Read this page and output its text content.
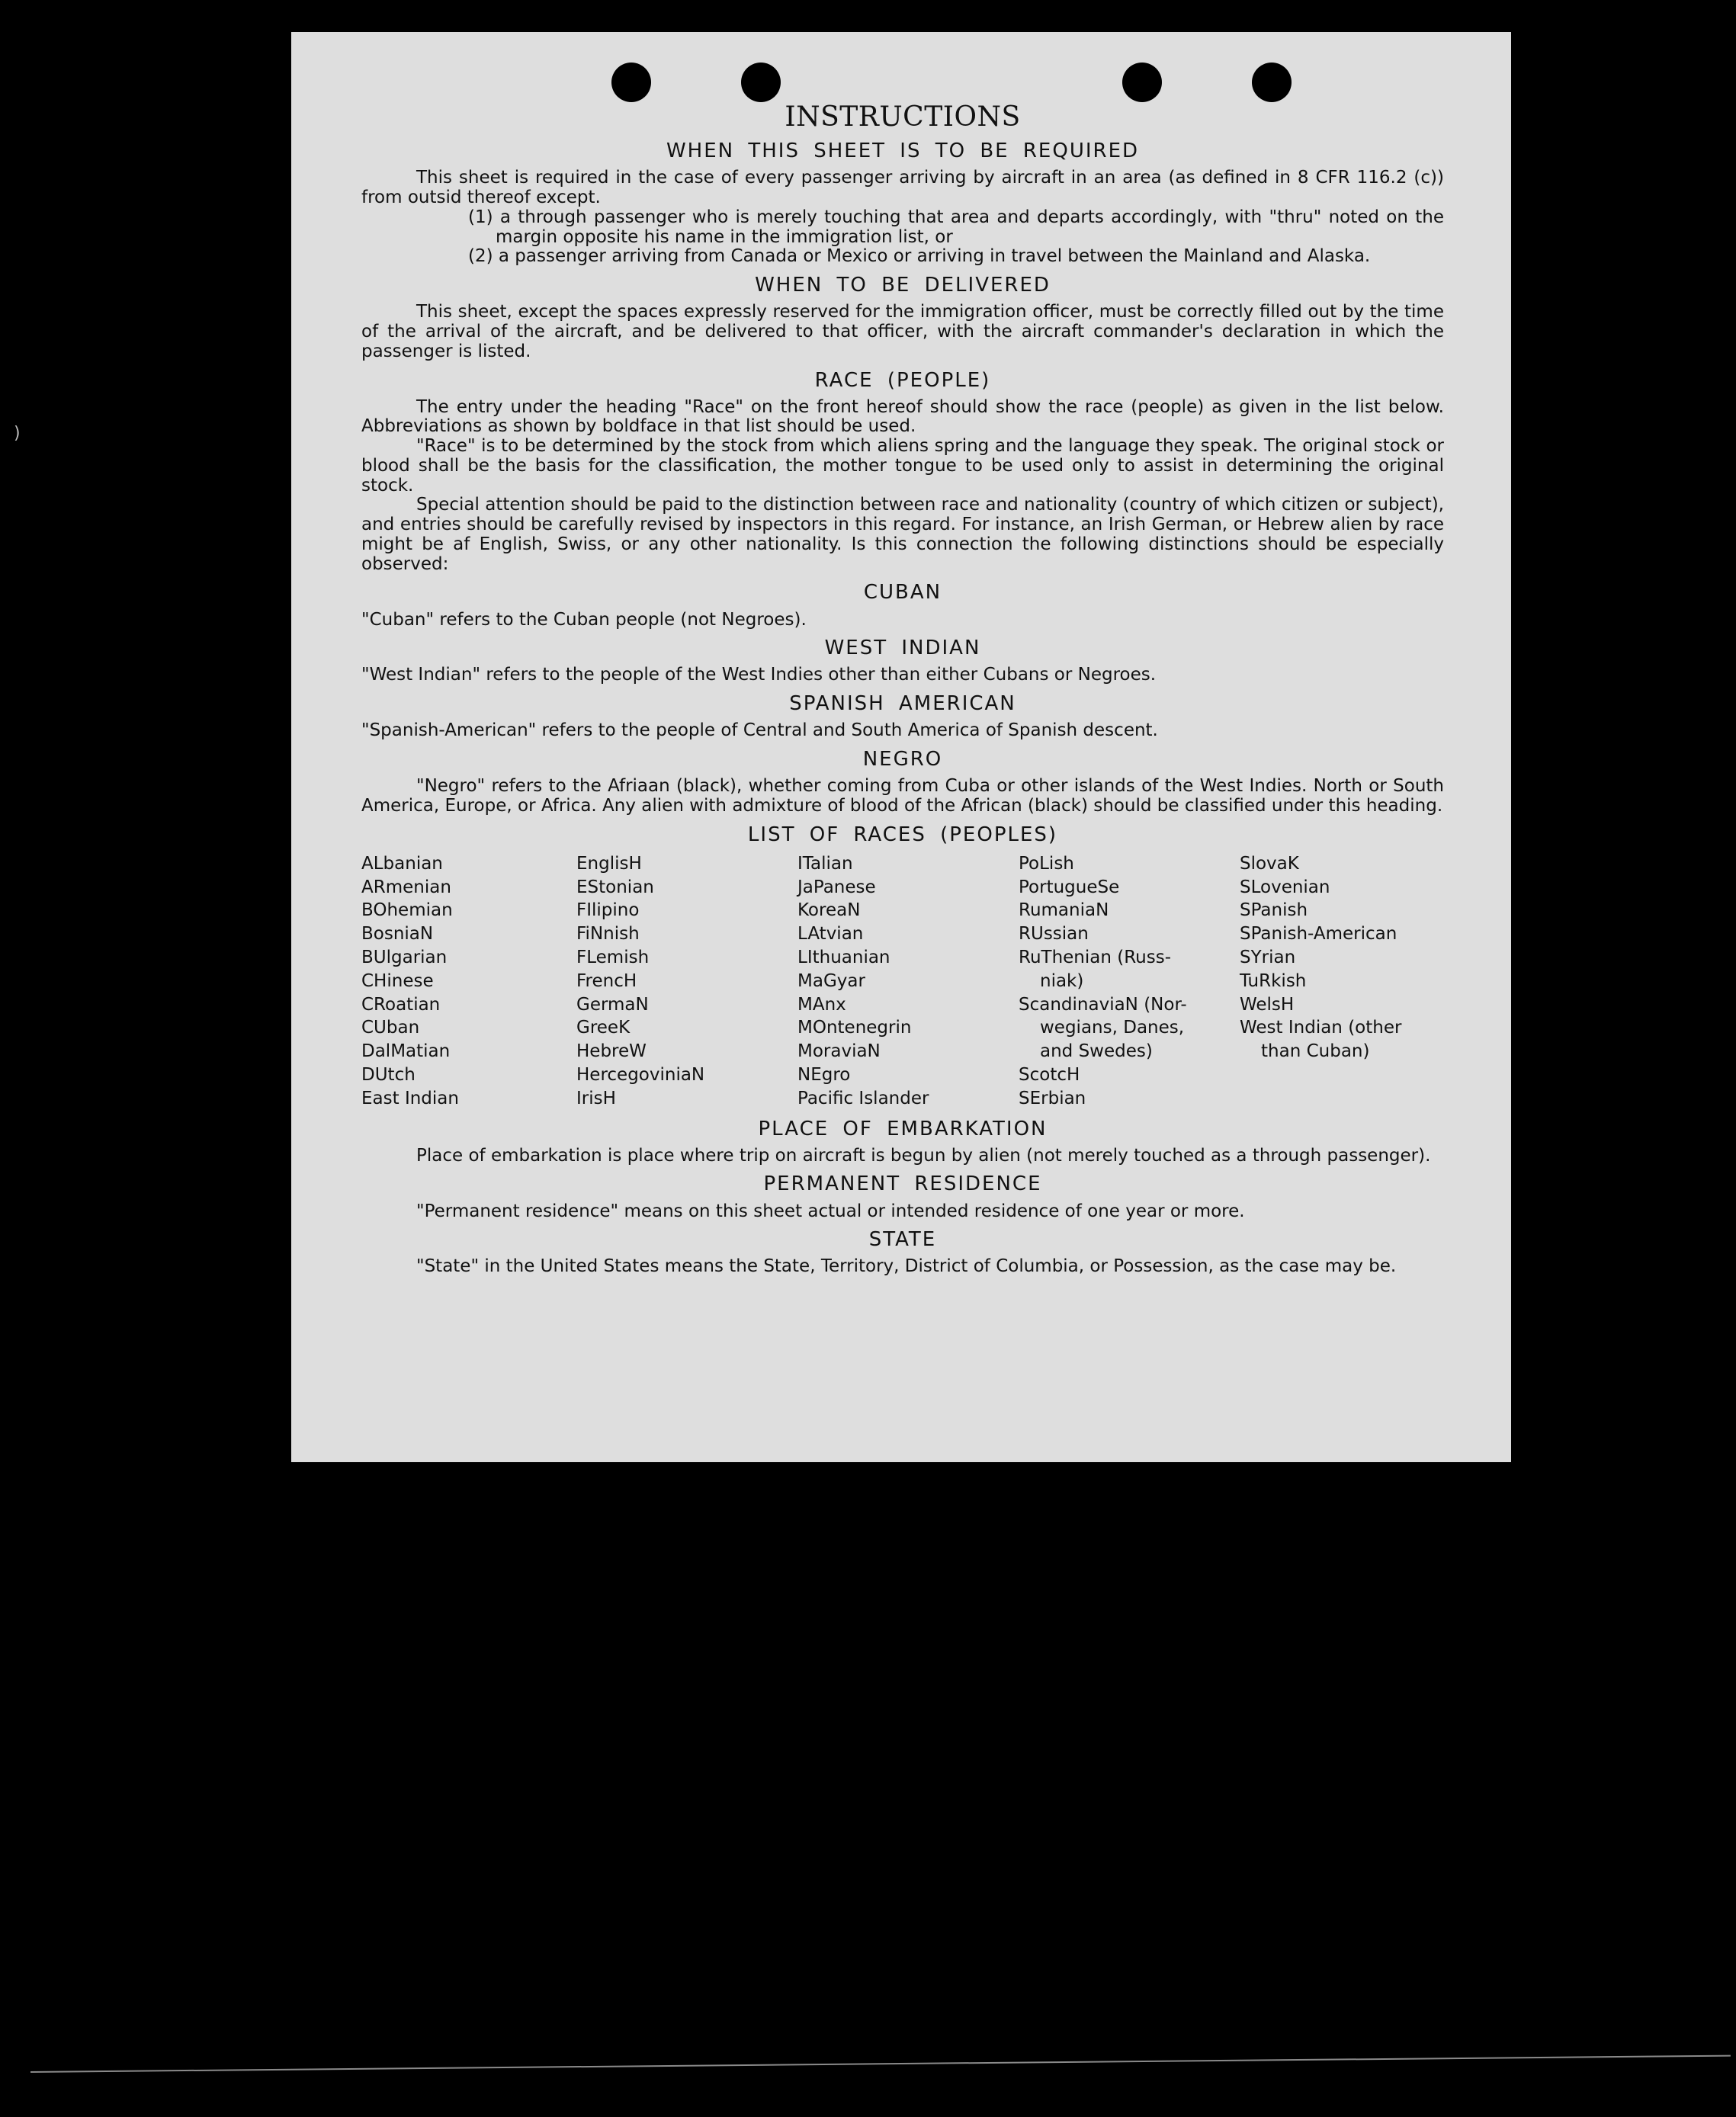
INSTRUCTIONS
WHEN THIS SHEET IS TO BE REQUIRED

This sheet is required in the case of every passenger arriving by aircraft in an area (as defined in 8 CFR 116.2 (c)) from outsid thereof except.

(1) a through passenger who is merely touching that area and departs accordingly, with "thru" noted on the margin opposite his name in the immigration list, or

(2) a passenger arriving from Canada or Mexico or arriving in travel between the Mainland and Alaska.

WHEN TO BE DELIVERED

This sheet, except the spaces expressly reserved for the immigration officer, must be correctly filled out by the time of the arrival of the aircraft, and be delivered to that officer, with the aircraft commander's declaration in which the passenger is listed.

RACE (PEOPLE)

The entry under the heading "Race" on the front hereof should show the race (people) as given in the list below. Abbreviations as shown by boldface in that list should be used.

"Race" is to be determined by the stock from which aliens spring and the language they speak. The original stock or blood shall be the basis for the classification, the mother tongue to be used only to assist in determining the original stock.

Special attention should be paid to the distinction between race and nationality (country of which citizen or subject), and entries should be carefully revised by inspectors in this regard. For instance, an Irish German, or Hebrew alien by race might be af English, Swiss, or any other nationality. Is this connection the following distinctions should be especially observed:

CUBAN

"Cuban" refers to the Cuban people (not Negroes).

WEST INDIAN

"West Indian" refers to the people of the West Indies other than either Cubans or Negroes.

SPANISH AMERICAN

"Spanish-American" refers to the people of Central and South America of Spanish descent.

NEGRO

"Negro" refers to the Afriaan (black), whether coming from Cuba or other islands of the West Indies. North or South America, Europe, or Africa. Any alien with admixture of blood of the African (black) should be classified under this heading.

LIST OF RACES (PEOPLES)
ALbanian
ARmenian
BOhemian
BosniaN
BUlgarian
CHinese
CRoatian
CUban
DalMatian
DUtch
East Indian
EnglisH
EStonian
FIlipino
FiNnish
FLemish
FrencH
GermaN
GreeK
HebreW
HercegoviniaN
IrisH
ITalian
JaPanese
KoreaN
LAtvian
LIthuanian
MaGyar
MAnx
MOntenegrin
MoraviaN
NEgro
Pacific Islander
PoLish
PortugueSe
RumaniaN
RUssian
RuThenian (Russ-
niak)
ScandinaviaN (Nor-
wegians, Danes,
and Swedes)
ScotcH
SErbian
SlovaK
SLovenian
SPanish
SPanish-American
SYrian
TuRkish
WelsH
West Indian (other
than Cuban)
PLACE OF EMBARKATION

Place of embarkation is place where trip on aircraft is begun by alien (not merely touched as a through passenger).

PERMANENT RESIDENCE

"Permanent residence" means on this sheet actual or intended residence of one year or more.

STATE

"State" in the United States means the State, Territory, District of Columbia, or Possession, as the case may be.

)
